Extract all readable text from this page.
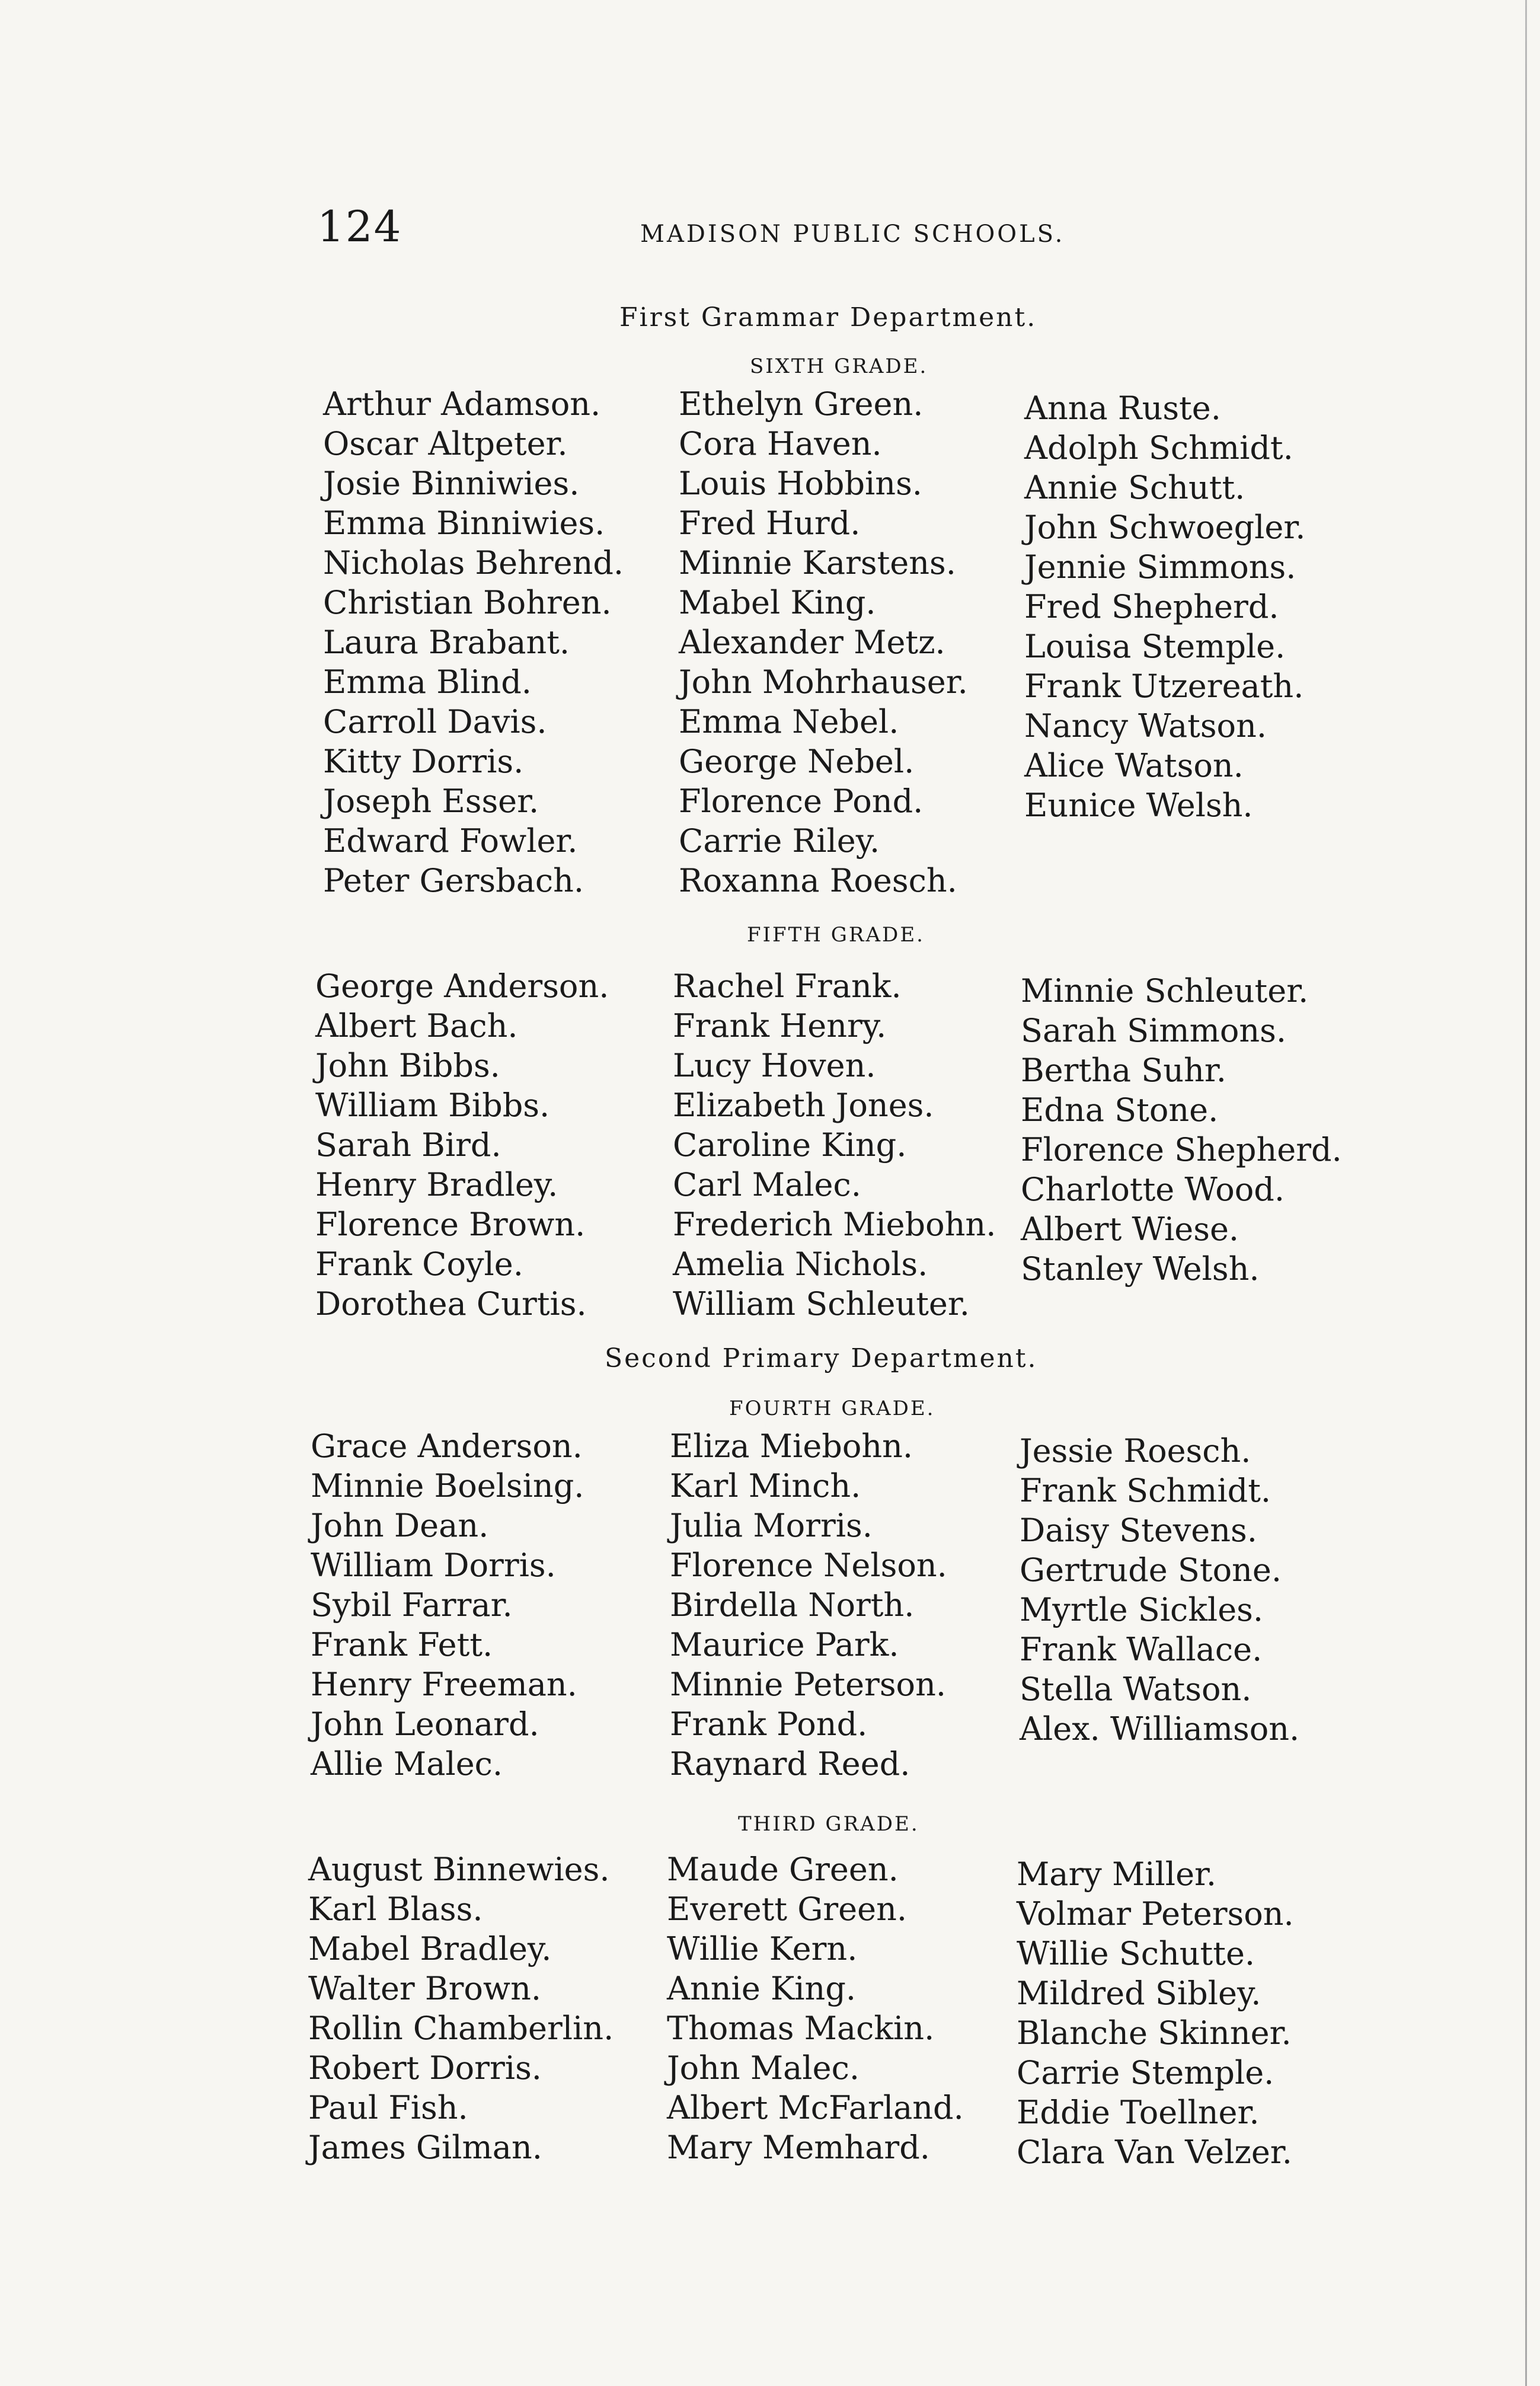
124	MADISON PUBLIC SCHOOLS.
First Grammar Department.
SIXTH GRADE.
Arthur Adamson.
Oscar Altpeter.
Josie Binniwies.
Emma Binniwies.
Nicholas Behrend.
Christian Bohren.
Laura Brabant.
Emma Blind.
Carroll Davis.
Kitty Dorris.
Joseph Esser.
Edward Fowler.
Peter Gersbach.
Ethelyn Green.
Cora Haven.
Louis Hobbins.
Fred Hurd.
Minnie Karstens.
Mabel King.
Alexander Metz.
John Mohrhauser.
Emma Nebel.
George Nebel.
Florence Pond.
Carrie Riley.
Roxanna Roesch.
Anna Ruste.
Adolph Schmidt.
Annie Schutt.
John Schwoegler.
Jennie Simmons.
Fred Shepherd.
Louisa Stemple.
Frank Utzereath.
Nancy Watson.
Alice Watson.
Eunice Welsh.
FIFTH GRADE.
George Anderson.
Albert Bach.
John Bibbs.
William Bibbs.
Sarah Bird.
Henry Bradley.
Florence Brown.
Frank Coyle.
Dorothea Curtis.
Rachel Frank.
Frank Henry.
Lucy Hoven.
Elizabeth Jones.
Caroline King.
Carl Malec.
Frederich Miebohn.
Amelia Nichols.
William Schleuter.
Minnie Schleuter.
Sarah Simmons.
Bertha Suhr.
Edna Stone.
Florence Shepherd.
Charlotte Wood.
Albert Wiese.
Stanley Welsh.
Second Primary Department.
FOURTH GRADE.
Grace Anderson.
Minnie Boelsing.
John Dean.
William Dorris.
Sybil Farrar.
Frank Fett.
Henry Freeman.
John Leonard.
Allie Malec.
Eliza Miebohn.
Karl Minch.
Julia Morris.
Florence Nelson.
Birdella North.
Maurice Park.
Minnie Peterson.
Frank Pond.
Raynard Reed.
Jessie Roesch.
Frank Schmidt.
Daisy Stevens.
Gertrude Stone.
Myrtle Sickles.
Frank Wallace.
Stella Watson.
Alex. Williamson.
THIRD GRADE.
August Binnewies.
Karl Blass.
Mabel Bradley.
Walter Brown.
Rollin Chamberlin.
Robert Dorris.
Paul Fish.
James Gilman.
Maude Green.
Everett Green.
Willie Kern.
Annie King.
Thomas Mackin.
John Malec.
Albert McFarland.
Mary Memhard.
Mary Miller.
Volmar Peterson.
Willie Schutte.
Mildred Sibley.
Blanche Skinner.
Carrie Stemple.
Eddie Toellner.
Clara Van Velzer.
